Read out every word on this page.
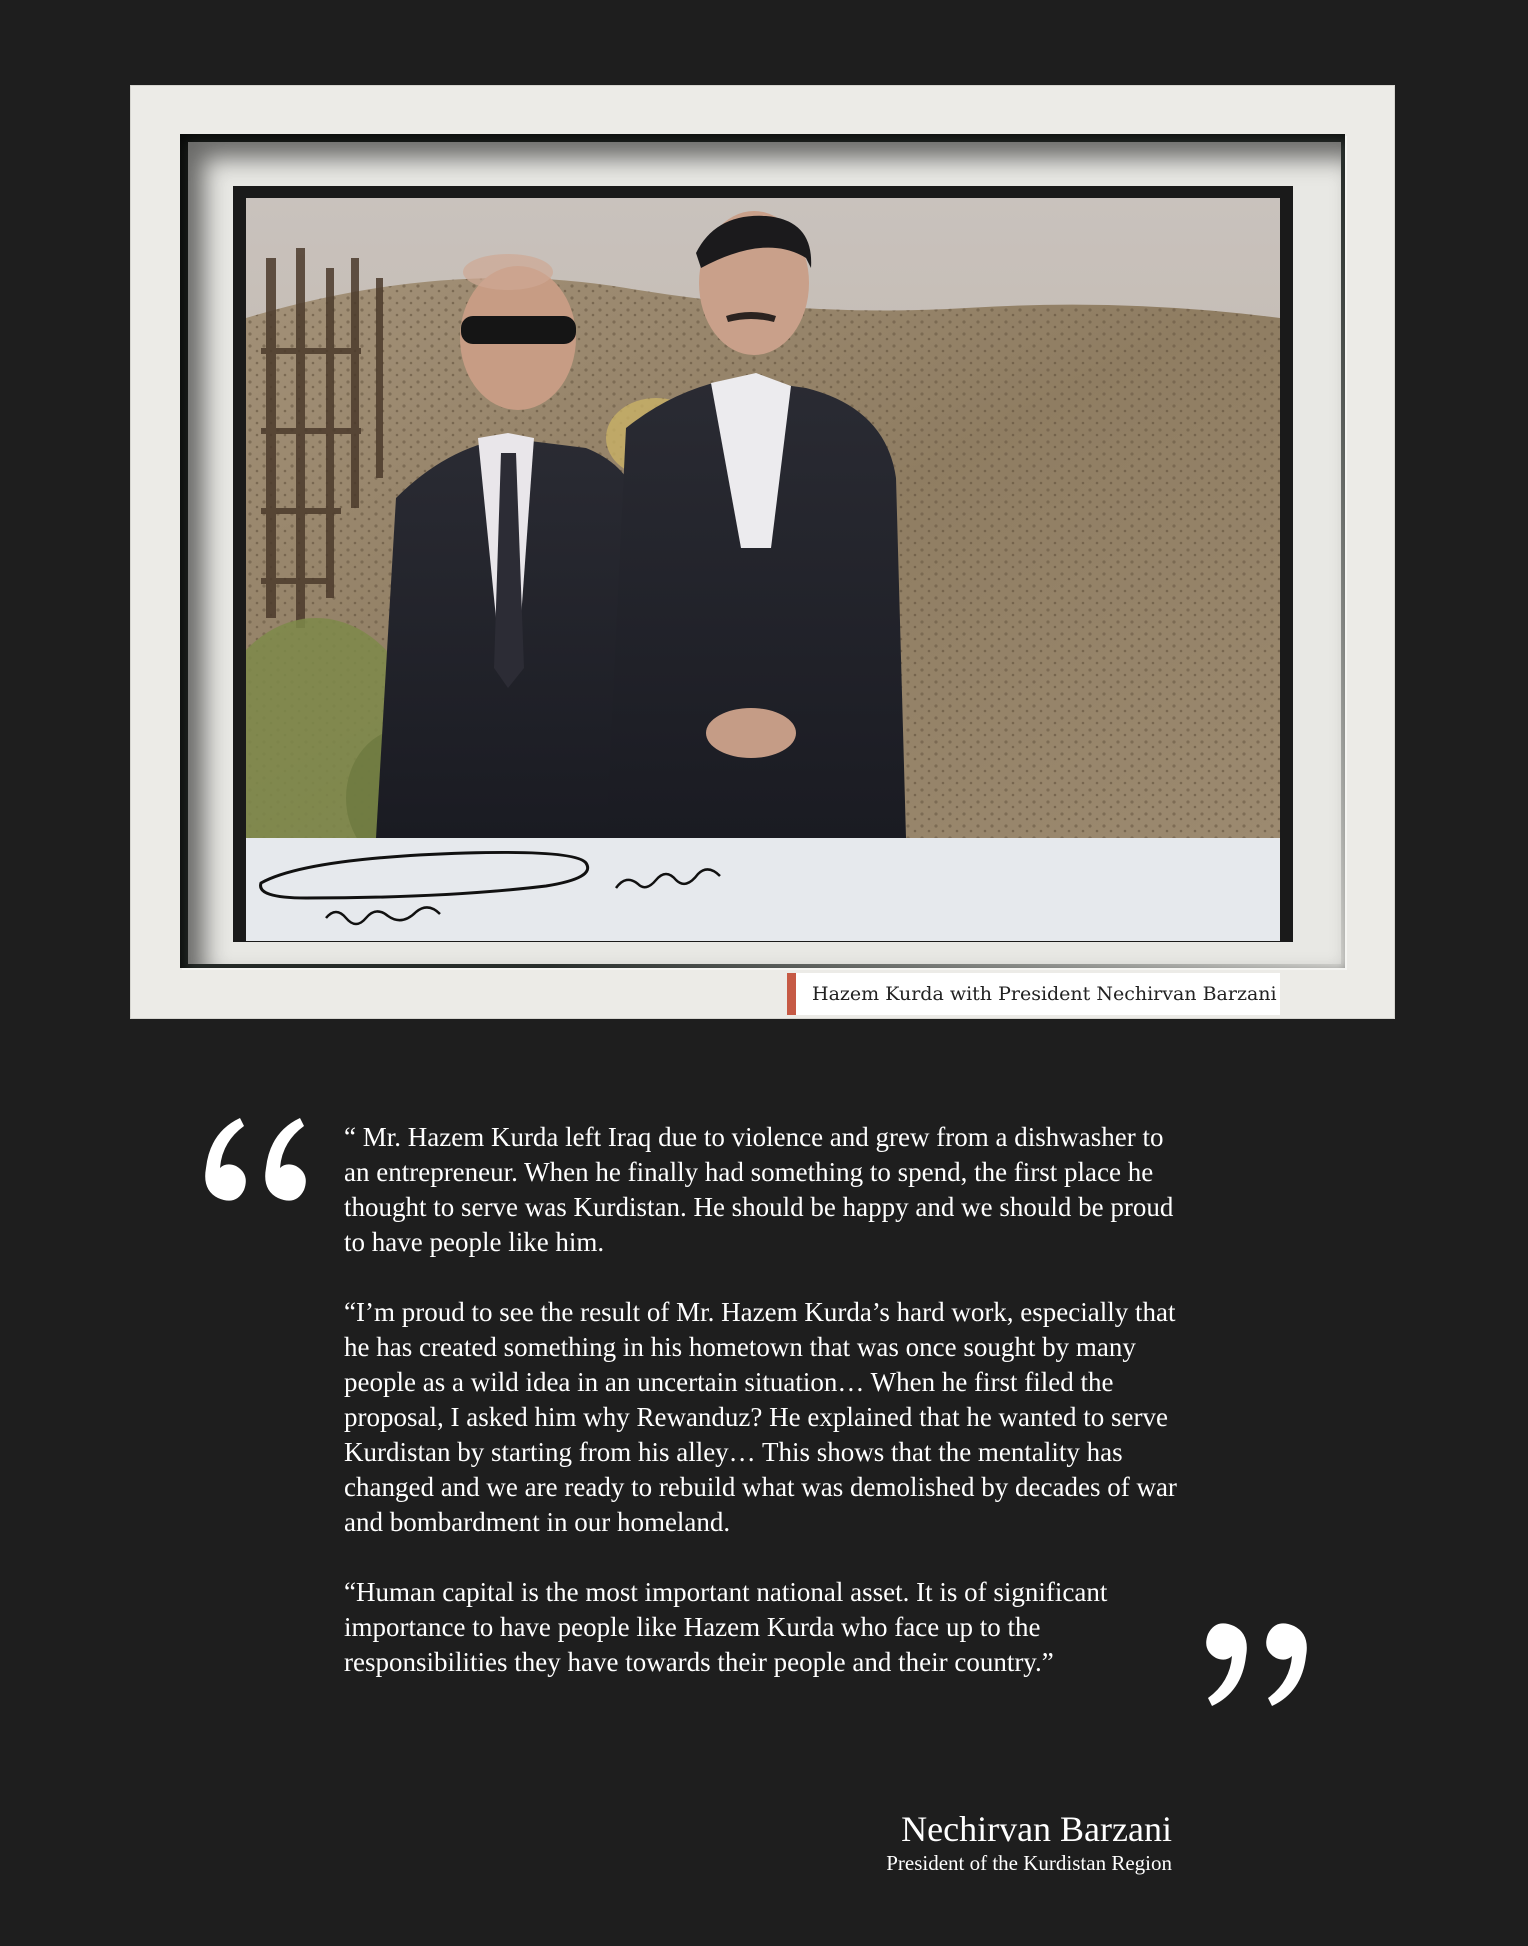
Hazem Kurda with President Nechirvan Barzani

“ Mr. Hazem Kurda left Iraq due to violence and grew from a dishwasher to an entrepreneur. When he finally had something to spend, the first place he thought to serve was Kurdistan. He should be happy and we should be proud to have people like him.

“I’m proud to see the result of Mr. Hazem Kurda’s hard work, especially that he has created something in his hometown that was once sought by many people as a wild idea in an uncertain situation… When he first filed the proposal, I asked him why Rewanduz? He explained that he wanted to serve Kurdistan by starting from his alley… This shows that the mentality has changed and we are ready to rebuild what was demolished by decades of war and bombardment in our homeland.

“Human capital is the most important national asset. It is of significant importance to have people like Hazem Kurda who face up to the responsibilities they have towards their people and their country.”

Nechirvan Barzani
President of the Kurdistan Region
